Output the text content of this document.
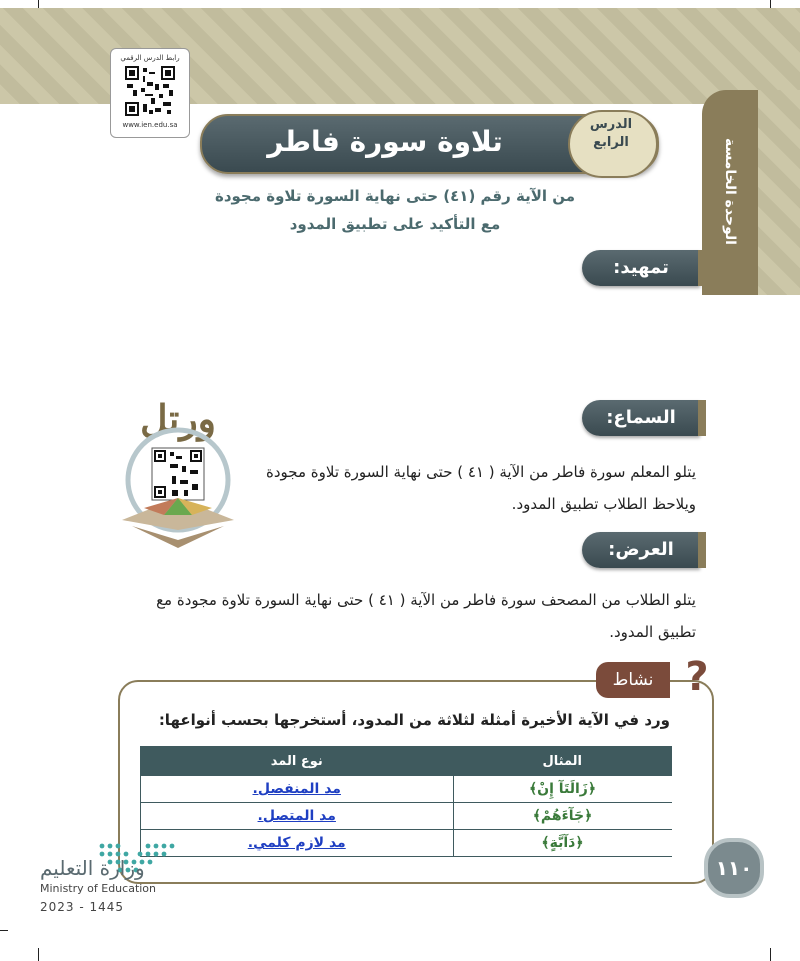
الوحدة الخامسة
رابط الدرس الرقمي
www.ien.edu.sa	تلاوة سورة فاطر
الدرس
الرابع
من الآية رقم (٤١) حتى نهاية السورة تلاوة مجودة
مع التأكيد على تطبيق المدود
تمهيد:
السماع:
يتلو المعلم سورة فاطر من الآية ( ٤١ ) حتى نهاية السورة تلاوة مجودة
ويلاحظ الطلاب تطبيق المدود.
ورتل
العرض:
يتلو الطلاب من المصحف سورة فاطر من الآية ( ٤١ ) حتى نهاية السورة تلاوة مجودة مع
تطبيق المدود.
نشاط ?
ورد في الآية الأخيرة أمثلة لثلاثة من المدود، أستخرجها بحسب أنواعها:
المثال	نوع المد
﴿زَالَتَآ إِنْ﴾	مد المنفصل.
﴿جَآءَهُمْ﴾	مد المتصل.
﴿دَآبَّةٍ﴾	مد لازم كلمي.
وزارة التعليم
Ministry of Education
2023 - 1445
١١٠
